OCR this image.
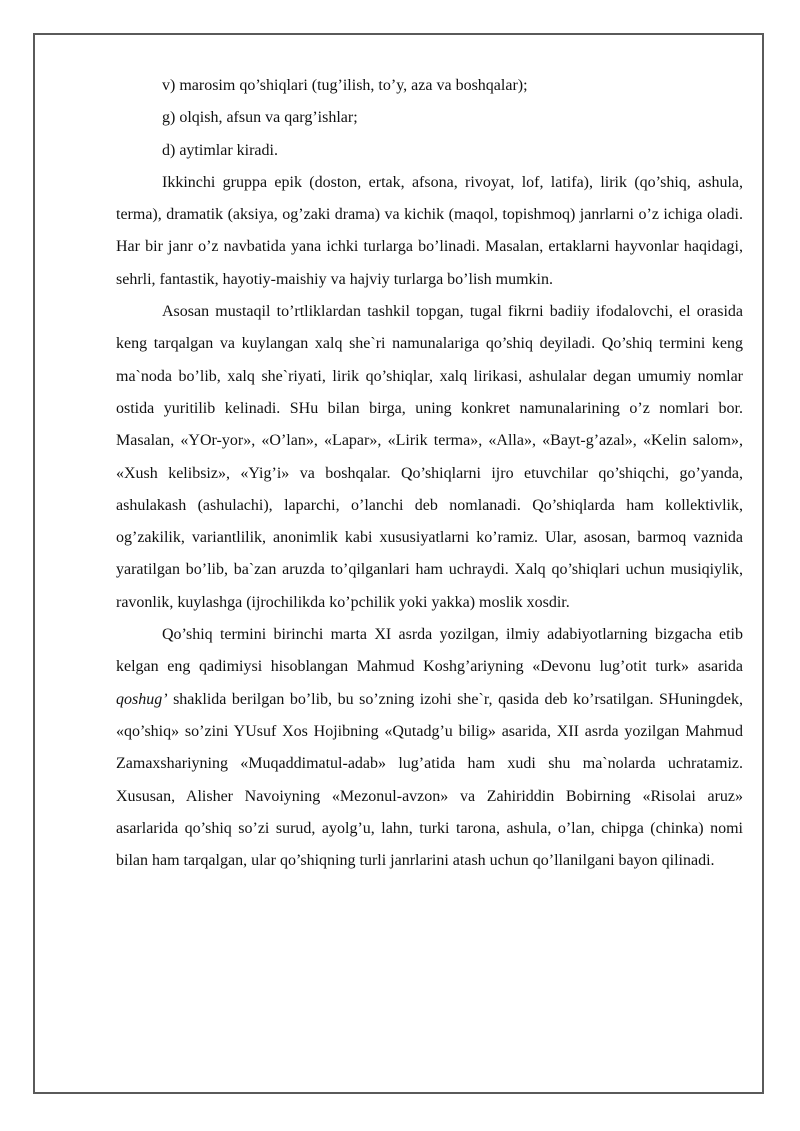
v) marosim qo’shiqlari (tug’ilish, to’y, aza va boshqalar);

g) olqish, afsun va qarg’ishlar;

d) aytimlar kiradi.

Ikkinchi gruppa epik (doston, ertak, afsona, rivoyat, lof, latifa), lirik (qo’shiq, ashula, terma), dramatik (aksiya, og’zaki drama) va kichik (maqol, topishmoq) janrlarni o’z ichiga oladi. Har bir janr o’z navbatida yana ichki turlarga bo’linadi. Masalan, ertaklarni hayvonlar haqidagi, sehrli, fantastik, hayotiy-maishiy va hajviy turlarga bo’lish mumkin.

Asosan mustaqil to’rtliklardan tashkil topgan, tugal fikrni badiiy ifodalovchi, el orasida keng tarqalgan va kuylangan xalq she`ri namunalariga qo’shiq deyiladi. Qo’shiq termini keng ma`noda bo’lib, xalq she`riyati, lirik qo’shiqlar, xalq lirikasi, ashulalar degan umumiy nomlar ostida yuritilib kelinadi. SHu bilan birga, uning konkret namunalarining o’z nomlari bor. Masalan, «YOr-yor», «O’lan», «Lapar», «Lirik terma», «Alla», «Bayt-g’azal», «Kelin salom», «Xush kelibsiz», «Yig’i» va boshqalar. Qo’shiqlarni ijro etuvchilar qo’shiqchi, go’yanda, ashulakash (ashulachi), laparchi, o’lanchi deb nomlanadi. Qo’shiqlarda ham kollektivlik, og’zakilik, variantlilik, anonimlik kabi xususiyatlarni ko’ramiz. Ular, asosan, barmoq vaznida yaratilgan bo’lib, ba`zan aruzda to’qilganlari ham uchraydi. Xalq qo’shiqlari uchun musiqiylik, ravonlik, kuylashga (ijrochilikda ko’pchilik yoki yakka) moslik xosdir.

Qo’shiq termini birinchi marta XI asrda yozilgan, ilmiy adabiyotlarning bizgacha etib kelgan eng qadimiysi hisoblangan Mahmud Koshg’ariyning «Devonu lug’otit turk» asarida qoshug’ shaklida berilgan bo’lib, bu so’zning izohi she`r, qasida deb ko’rsatilgan. SHuningdek, «qo’shiq» so’zini YUsuf Xos Hojibning «Qutadg’u bilig» asarida, XII asrda yozilgan Mahmud Zamaxshariyning «Muqaddimatul-adab» lug’atida ham xudi shu ma`nolarda uchratamiz. Xususan, Alisher Navoiyning «Mezonul-avzon» va Zahiriddin Bobirning «Risolai aruz» asarlarida qo’shiq so’zi surud, ayolg’u, lahn, turki tarona, ashula, o’lan, chipga (chinka) nomi bilan ham tarqalgan, ular qo’shiqning turli janrlarini atash uchun qo’llanilgani bayon qilinadi.
